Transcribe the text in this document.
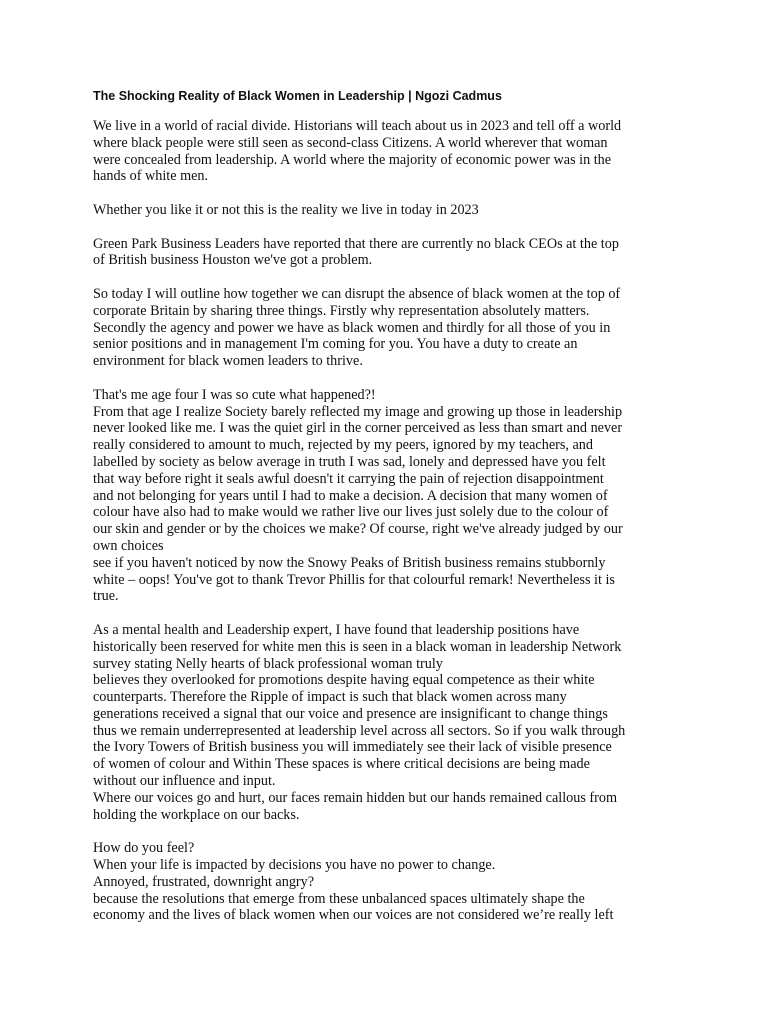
The Shocking Reality of Black Women in Leadership | Ngozi Cadmus
We live in a world of racial divide. Historians will teach about us in 2023 and tell off a world
where black people were still seen as second-class Citizens. A world wherever that woman
were concealed from leadership. A world where the majority of economic power was in the
hands of white men.
Whether you like it or not this is the reality we live in today in 2023
Green Park Business Leaders have reported that there are currently no black CEOs at the top
of British business Houston we've got a problem.
So today I will outline how together we can disrupt the absence of black women at the top of
corporate Britain by sharing three things. Firstly why representation absolutely matters.
Secondly the agency and power we have as black women and thirdly for all those of you in
senior positions and in management I'm coming for you. You have a duty to create an
environment for black women leaders to thrive.
That's me age four I was so cute what happened?!
From that age I realize Society barely reflected my image and growing up those in leadership
never looked like me. I was the quiet girl in the corner perceived as less than smart and never
really considered to amount to much, rejected by my peers, ignored by my teachers, and
labelled by society as below average in truth I was sad, lonely and depressed have you felt
that way before right it seals awful doesn't it carrying the pain of rejection disappointment
and not belonging for years until I had to make a decision. A decision that many women of
colour have also had to make would we rather live our lives just solely due to the colour of
our skin and gender or by the choices we make? Of course, right we've already judged by our
own choices
see if you haven't noticed by now the Snowy Peaks of British business remains stubbornly
white – oops! You've got to thank Trevor Phillis for that colourful remark! Nevertheless it is
true.
As a mental health and Leadership expert, I have found that leadership positions have
historically been reserved for white men this is seen in a black woman in leadership Network
survey stating Nelly hearts of black professional woman truly
believes they overlooked for promotions despite having equal competence as their white
counterparts. Therefore the Ripple of impact is such that black women across many
generations received a signal that our voice and presence are insignificant to change things
thus we remain underrepresented at leadership level across all sectors. So if you walk through
the Ivory Towers of British business you will immediately see their lack of visible presence
of women of colour and Within These spaces is where critical decisions are being made
without our influence and input.
Where our voices go and hurt, our faces remain hidden but our hands remained callous from
holding the workplace on our backs.
How do you feel?
When your life is impacted by decisions you have no power to change.
Annoyed, frustrated, downright angry?
because the resolutions that emerge from these unbalanced spaces ultimately shape the
economy and the lives of black women when our voices are not considered we’re really left
